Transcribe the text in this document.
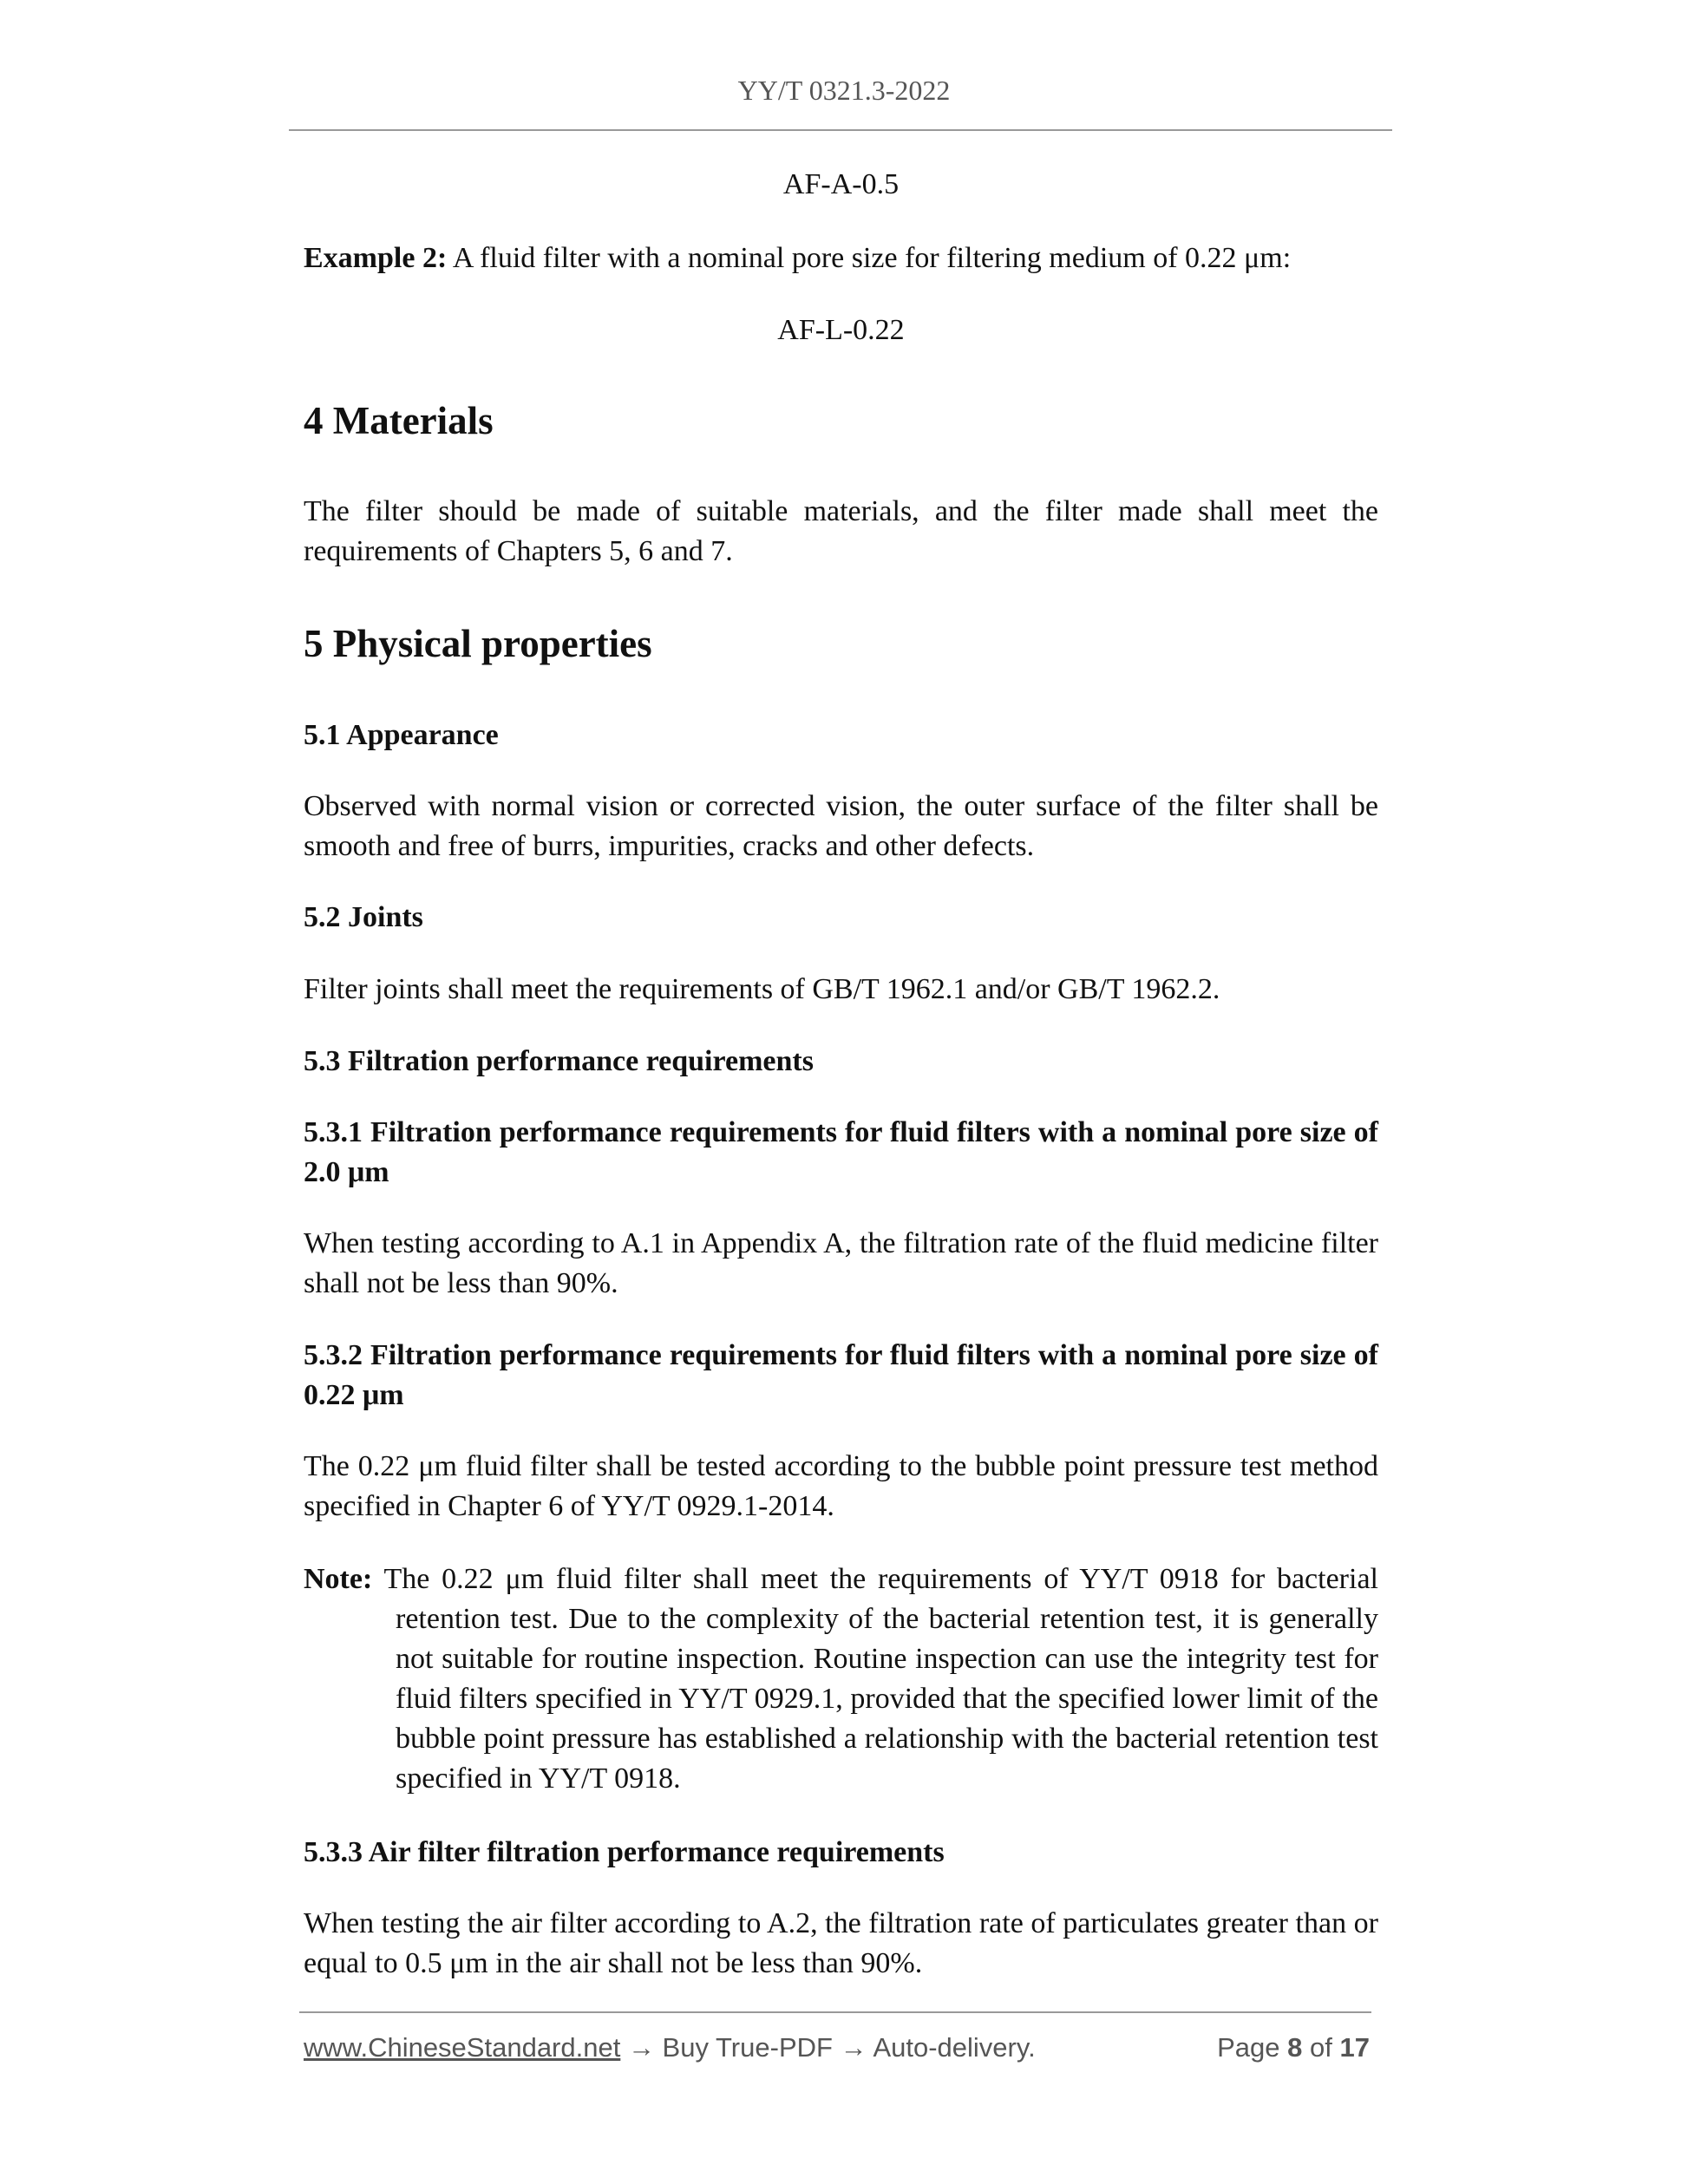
YY/T 0321.3-2022
AF-A-0.5
Example 2: A fluid filter with a nominal pore size for filtering medium of 0.22 μm:
AF-L-0.22
4 Materials
The filter should be made of suitable materials, and the filter made shall meet the requirements of Chapters 5, 6 and 7.
5 Physical properties
5.1 Appearance
Observed with normal vision or corrected vision, the outer surface of the filter shall be smooth and free of burrs, impurities, cracks and other defects.
5.2 Joints
Filter joints shall meet the requirements of GB/T 1962.1 and/or GB/T 1962.2.
5.3 Filtration performance requirements
5.3.1 Filtration performance requirements for fluid filters with a nominal pore size of 2.0 μm
When testing according to A.1 in Appendix A, the filtration rate of the fluid medicine filter shall not be less than 90%.
5.3.2 Filtration performance requirements for fluid filters with a nominal pore size of 0.22 μm
The 0.22 μm fluid filter shall be tested according to the bubble point pressure test method specified in Chapter 6 of YY/T 0929.1-2014.
Note: The 0.22 μm fluid filter shall meet the requirements of YY/T 0918 for bacterial retention test. Due to the complexity of the bacterial retention test, it is generally not suitable for routine inspection. Routine inspection can use the integrity test for fluid filters specified in YY/T 0929.1, provided that the specified lower limit of the bubble point pressure has established a relationship with the bacterial retention test specified in YY/T 0918.
5.3.3 Air filter filtration performance requirements
When testing the air filter according to A.2, the filtration rate of particulates greater than or equal to 0.5 μm in the air shall not be less than 90%.
www.ChineseStandard.net → Buy True-PDF → Auto-delivery.	Page 8 of 17
